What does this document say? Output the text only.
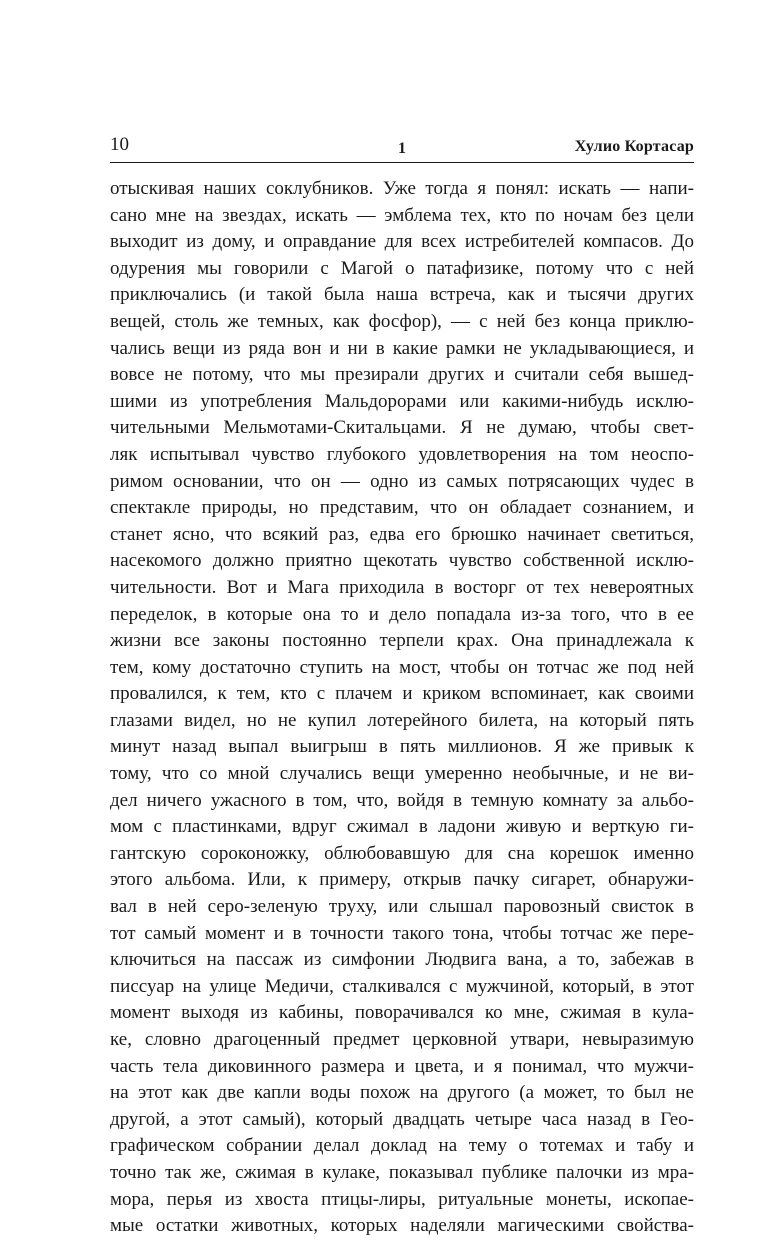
10	1	Хулио Кортасар
отыскивая наших соклубников. Уже тогда я понял: искать — напи-
сано мне на звездах, искать — эмблема тех, кто по ночам без цели
выходит из дому, и оправдание для всех истребителей компасов. До
одурения мы говорили с Магой о патафизике, потому что с ней
приключались (и такой была наша встреча, как и тысячи других
вещей, столь же темных, как фосфор), — с ней без конца приклю-
чались вещи из ряда вон и ни в какие рамки не укладывающиеся, и
вовсе не потому, что мы презирали других и считали себя вышед-
шими из употребления Мальдорорами или какими-нибудь исклю-
чительными Мельмотами-Скитальцами. Я не думаю, чтобы свет-
ляк испытывал чувство глубокого удовлетворения на том неоспо-
римом основании, что он — одно из самых потрясающих чудес в
спектакле природы, но представим, что он обладает сознанием, и
станет ясно, что всякий раз, едва его брюшко начинает светиться,
насекомого должно приятно щекотать чувство собственной исклю-
чительности. Вот и Мага приходила в восторг от тех невероятных
переделок, в которые она то и дело попадала из-за того, что в ее
жизни все законы постоянно терпели крах. Она принадлежала к
тем, кому достаточно ступить на мост, чтобы он тотчас же под ней
провалился, к тем, кто с плачем и криком вспоминает, как своими
глазами видел, но не купил лотерейного билета, на который пять
минут назад выпал выигрыш в пять миллионов. Я же привык к
тому, что со мной случались вещи умеренно необычные, и не ви-
дел ничего ужасного в том, что, войдя в темную комнату за альбо-
мом с пластинками, вдруг сжимал в ладони живую и верткую ги-
гантскую сороконожку, облюбовавшую для сна корешок именно
этого альбома. Или, к примеру, открыв пачку сигарет, обнаружи-
вал в ней серо-зеленую труху, или слышал паровозный свисток в
тот самый момент и в точности такого тона, чтобы тотчас же пере-
ключиться на пассаж из симфонии Людвига вана, а то, забежав в
писсуар на улице Медичи, сталкивался с мужчиной, который, в этот
момент выходя из кабины, поворачивался ко мне, сжимая в кула-
ке, словно драгоценный предмет церковной утвари, невыразимую
часть тела диковинного размера и цвета, и я понимал, что мужчи-
на этот как две капли воды похож на другого (а может, то был не
другой, а этот самый), который двадцать четыре часа назад в Гео-
графическом собрании делал доклад на тему о тотемах и табу и
точно так же, сжимая в кулаке, показывал публике палочки из мра-
мора, перья из хвоста птицы-лиры, ритуальные монеты, ископае-
мые остатки животных, которых наделяли магическими свойства-
